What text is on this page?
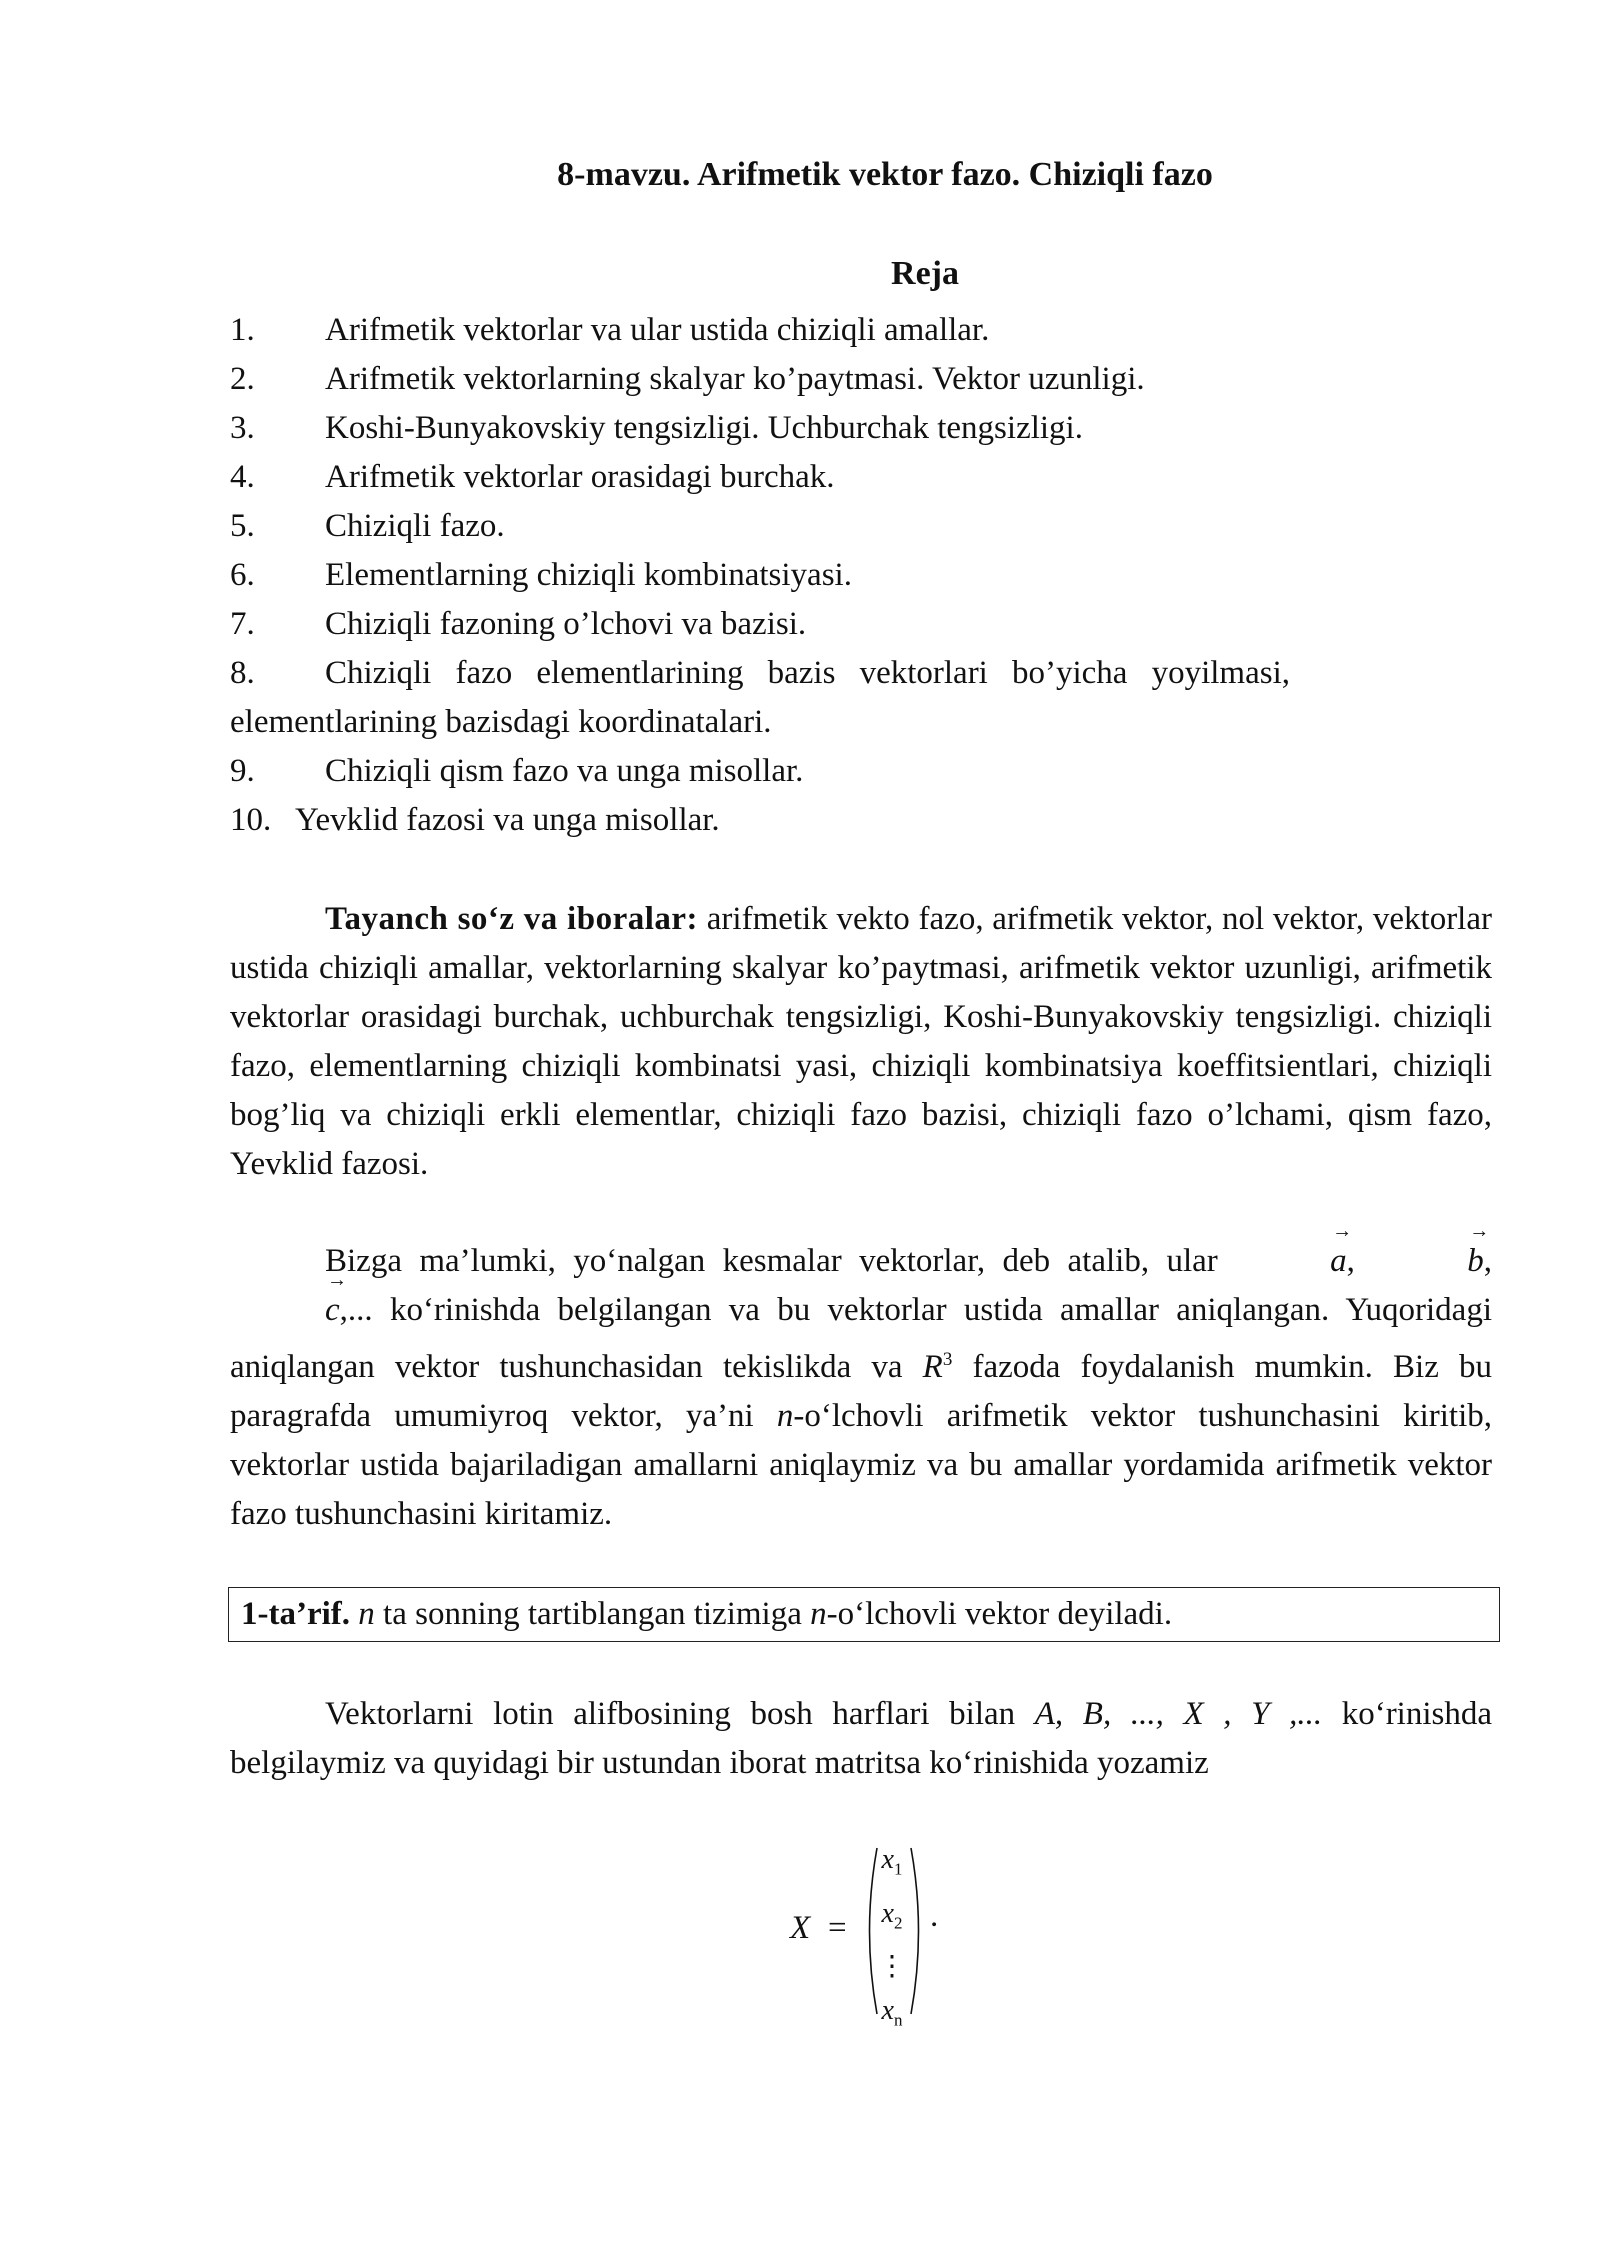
8-mavzu. Arifmetik vektor fazo. Chiziqli fazo
Reja
1. Arifmetik vektorlar va ular ustida chiziqli amallar.
2. Arifmetik vektorlarning skalyar ko’paytmasi. Vektor uzunligi.
3. Koshi-Bunyakovskiy tengsizligi. Uchburchak tengsizligi.
4. Arifmetik vektorlar orasidagi burchak.
5. Chiziqli fazo.
6. Elementlarning chiziqli kombinatsiyasi.
7. Chiziqli fazoning o’lchovi va bazisi.
8. Chiziqli fazo elementlarining bazis vektorlari bo’yicha yoyilmasi, elementlarining bazisdagi koordinatalari.
9. Chiziqli qism fazo va unga misollar.
10. Yevklid fazosi va unga misollar.

Tayanch so‘z va iboralar: arifmetik vekto fazo, arifmetik vektor, nol vektor, vektorlar ustida chiziqli amallar, vektorlarning skalyar ko’paytmasi, arifmetik vektor uzunligi, arifmetik vektorlar orasidagi burchak, uchburchak tengsizligi, Koshi-Bunyakovskiy tengsizligi. chiziqli fazo, elementlarning chiziqli kombinatsi yasi, chiziqli kombinatsiya koeffitsientlari, chiziqli bog’liq va chiziqli erkli elementlar, chiziqli fazo bazisi, chiziqli fazo o’lchami, qism fazo, Yevklid fazosi.

Bizga ma’lumki, yo‘nalgan kesmalar vektorlar, deb atalib, ular	→ a,	→ b, → c,... ko‘rinishda belgilangan va bu vektorlar ustida amallar aniqlangan. Yuqoridagi aniqlangan vektor tushunchasidan tekislikda va $R^3$ fazoda foydalanish mumkin. Biz bu paragrafda umumiyroq vektor, ya’ni n-o‘lchovli arifmetik vektor tushunchasini kiritib, vektorlar ustida bajariladigan amallarni aniqlaymiz va bu amallar yordamida arifmetik vektor fazo tushunchasini kiritamiz.

1-ta’rif. n ta sonning tartiblangan tizimiga n-o‘lchovli vektor deyiladi.

Vektorlarni lotin alifbosining bosh harflari bilan A, B, ..., X , Y ,... ko‘rinishda belgilaymiz va quyidagi bir ustundan iborat matritsa ko‘rinishida yozamiz

X =
$x_1$
$x_2$
⋮
$x_n$
.
